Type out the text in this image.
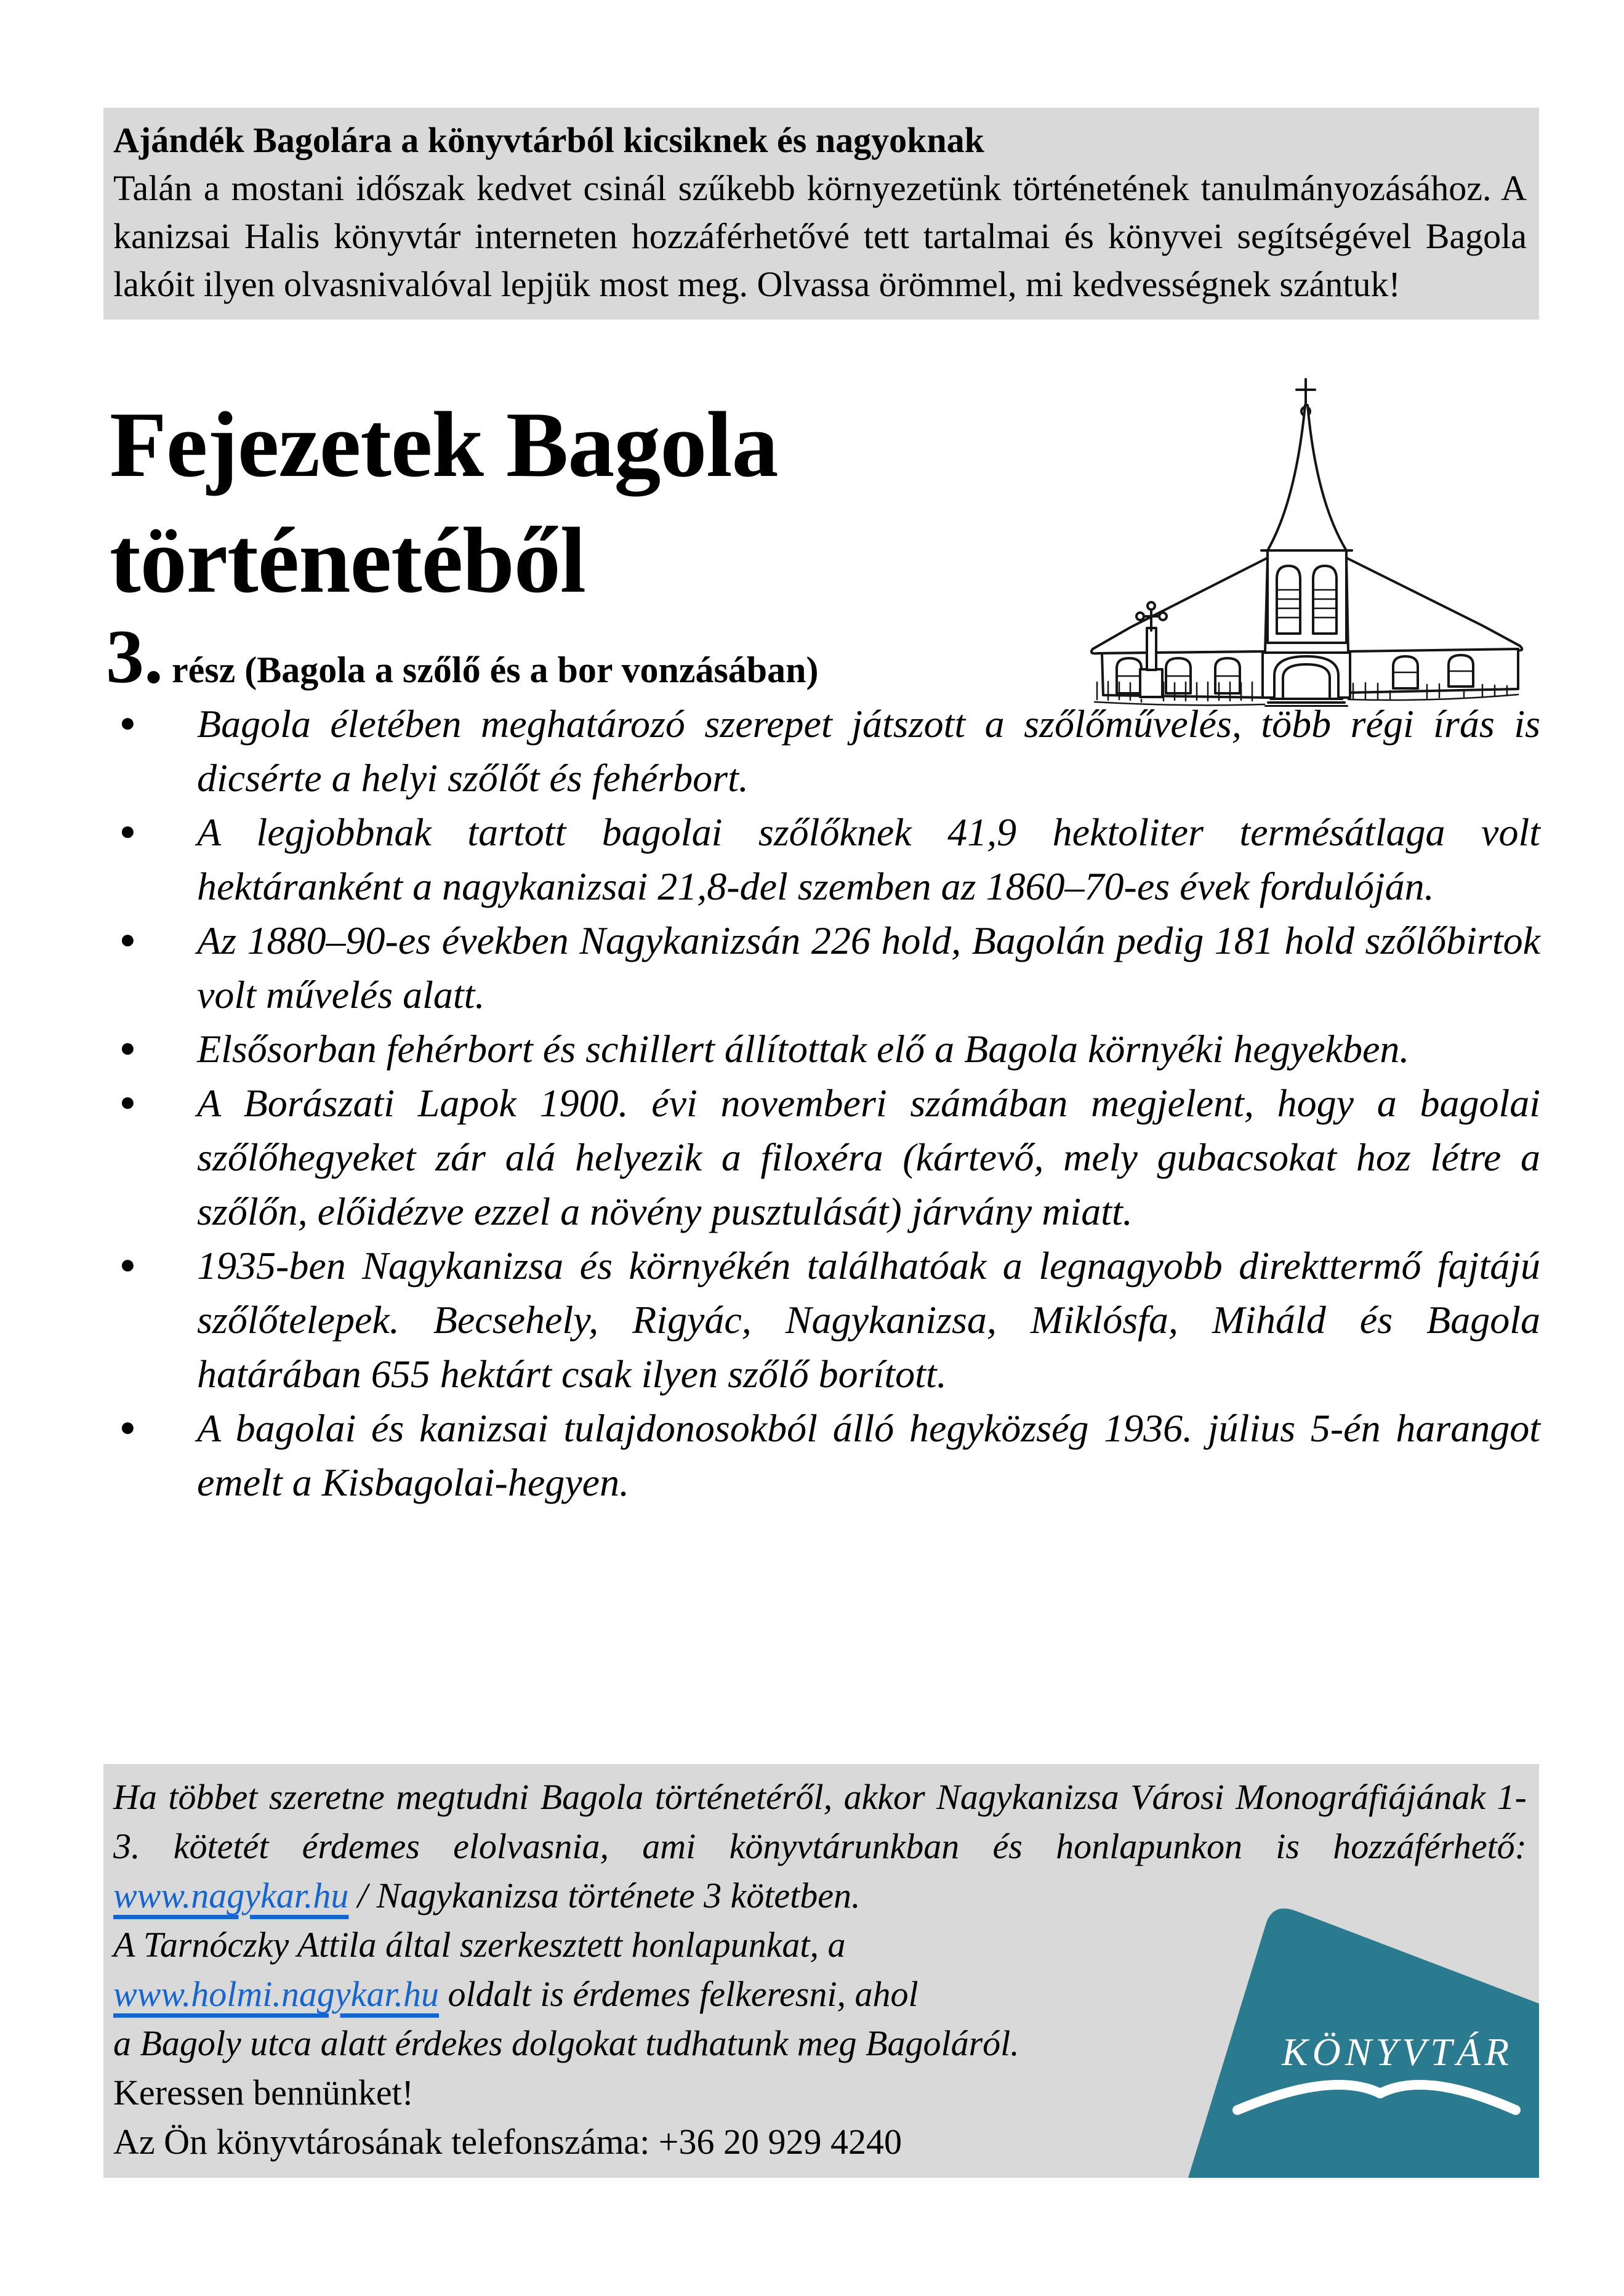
Ajándék Bagolára a könyvtárból kicsiknek és nagyoknak
Talán a mostani időszak kedvet csinál szűkebb környezetünk történetének tanulmányozásához. A kanizsai Halis könyvtár interneten hozzáférhetővé tett tartalmai és könyvei segítségével Bagola lakóit ilyen olvasnivalóval lepjük most meg. Olvassa örömmel, mi kedvességnek szántuk!
Fejezetek Bagola
történetéből
3. rész (Bagola a szőlő és a bor vonzásában)
● Bagola életében meghatározó szerepet játszott a szőlőművelés, több régi írás is dicsérte a helyi szőlőt és fehérbort.
● A legjobbnak tartott bagolai szőlőknek 41,9 hektoliter termésátlaga volt hektáranként a nagykanizsai 21,8-del szemben az 1860–70-es évek fordulóján.
● Az 1880–90-es években Nagykanizsán 226 hold, Bagolán pedig 181 hold szőlőbirtok volt művelés alatt.
● Elsősorban fehérbort és schillert állítottak elő a Bagola környéki hegyekben.
● A Borászati Lapok 1900. évi novemberi számában megjelent, hogy a bagolai szőlőhegyeket zár alá helyezik a filoxéra (kártevő, mely gubacsokat hoz létre a szőlőn, előidézve ezzel a növény pusztulását) járvány miatt.
● 1935-ben Nagykanizsa és környékén találhatóak a legnagyobb direkttermő fajtájú szőlőtelepek. Becsehely, Rigyác, Nagykanizsa, Miklósfa, Miháld és Bagola határában 655 hektárt csak ilyen szőlő borított.
● A bagolai és kanizsai tulajdonosokból álló hegyközség 1936. július 5-én harangot emelt a Kisbagolai-hegyen.

Ha többet szeretne megtudni Bagola történetéről, akkor Nagykanizsa Városi Monográfiájának 1-3. kötetét érdemes elolvasnia, ami könyvtárunkban és honlapunkon is hozzáférhető: www.nagykar.hu / Nagykanizsa története 3 kötetben.

A Tarnóczky Attila által szerkesztett honlapunkat, a
www.holmi.nagykar.hu oldalt is érdemes felkeresni, ahol
a Bagoly utca alatt érdekes dolgokat tudhatunk meg Bagoláról.

Keressen bennünket!

Az Ön könyvtárosának telefonszáma: +36 20 929 4240

KÖNYVTÁR
